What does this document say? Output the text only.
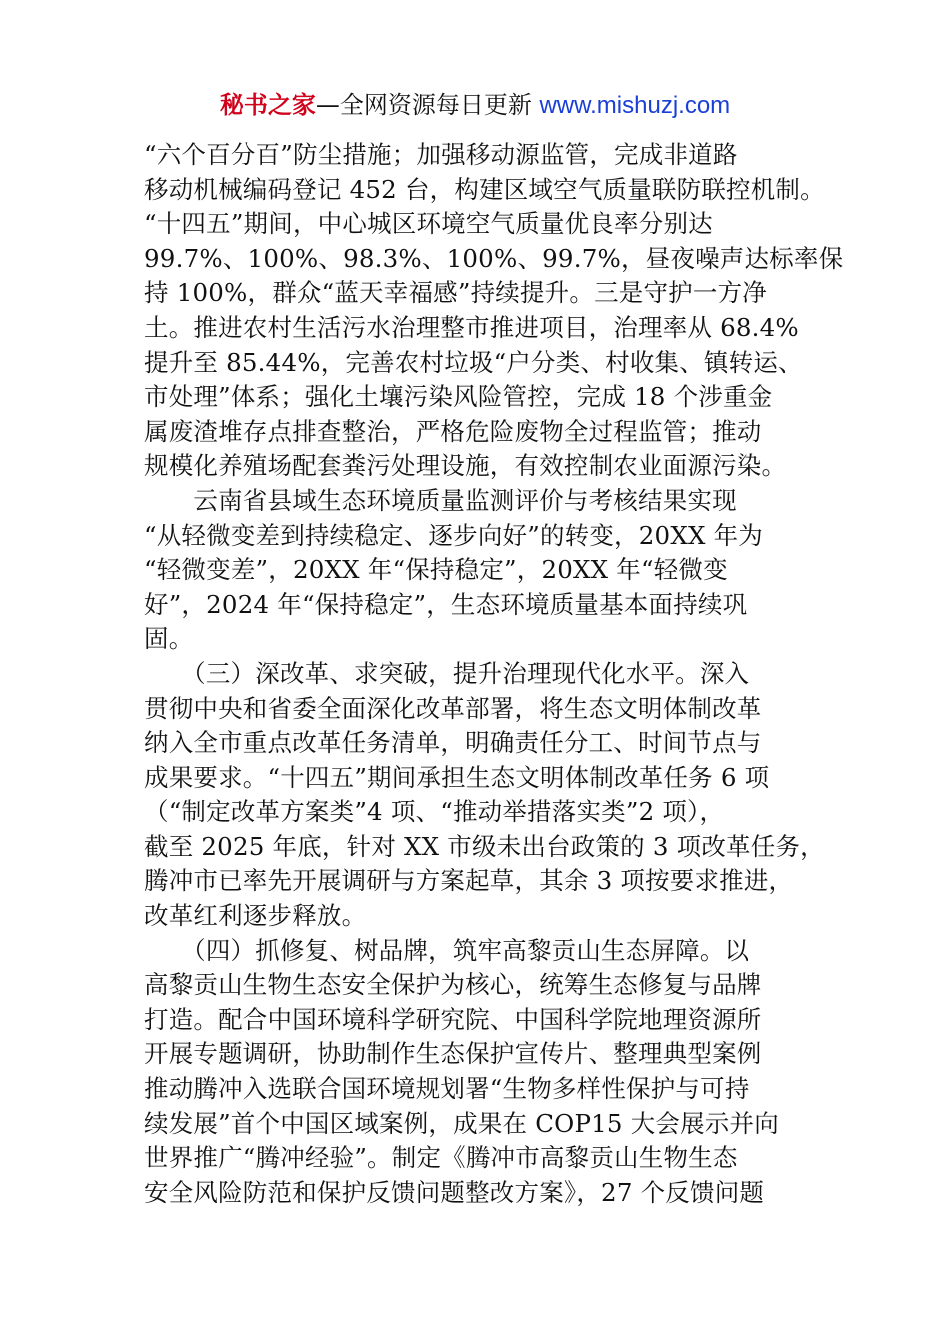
秘书之家—全网资源每日更新 www.mishuzj.com
“六个百分百”防尘措施；加强移动源监管，完成非道路
移动机械编码登记 452 台，构建区域空气质量联防联控机制。
“十四五”期间，中心城区环境空气质量优良率分别达
99.7%、100%、98.3%、100%、99.7%，昼夜噪声达标率保
持 100%，群众“蓝天幸福感”持续提升。三是守护一方净
土。推进农村生活污水治理整市推进项目，治理率从 68.4%
提升至 85.44%，完善农村垃圾“户分类、村收集、镇转运、
市处理”体系；强化土壤污染风险管控，完成 18 个涉重金
属废渣堆存点排查整治，严格危险废物全过程监管；推动
规模化养殖场配套粪污处理设施，有效控制农业面源污染。
　　云南省县域生态环境质量监测评价与考核结果实现
“从轻微变差到持续稳定、逐步向好”的转变，20XX 年为
“轻微变差”，20XX 年“保持稳定”，20XX 年“轻微变
好”，2024 年“保持稳定”，生态环境质量基本面持续巩
固。
　　（三）深改革、求突破，提升治理现代化水平。深入
贯彻中央和省委全面深化改革部署，将生态文明体制改革
纳入全市重点改革任务清单，明确责任分工、时间节点与
成果要求。“十四五”期间承担生态文明体制改革任务 6 项
（“制定改革方案类”4 项、“推动举措落实类”2 项），
截至 2025 年底，针对 XX 市级未出台政策的 3 项改革任务，
腾冲市已率先开展调研与方案起草，其余 3 项按要求推进，
改革红利逐步释放。
　　（四）抓修复、树品牌，筑牢高黎贡山生态屏障。以
高黎贡山生物生态安全保护为核心，统筹生态修复与品牌
打造。配合中国环境科学研究院、中国科学院地理资源所
开展专题调研，协助制作生态保护宣传片、整理典型案例
推动腾冲入选联合国环境规划署“生物多样性保护与可持
续发展”首个中国区域案例，成果在 COP15 大会展示并向
世界推广“腾冲经验”。制定《腾冲市高黎贡山生物生态
安全风险防范和保护反馈问题整改方案》，27 个反馈问题
